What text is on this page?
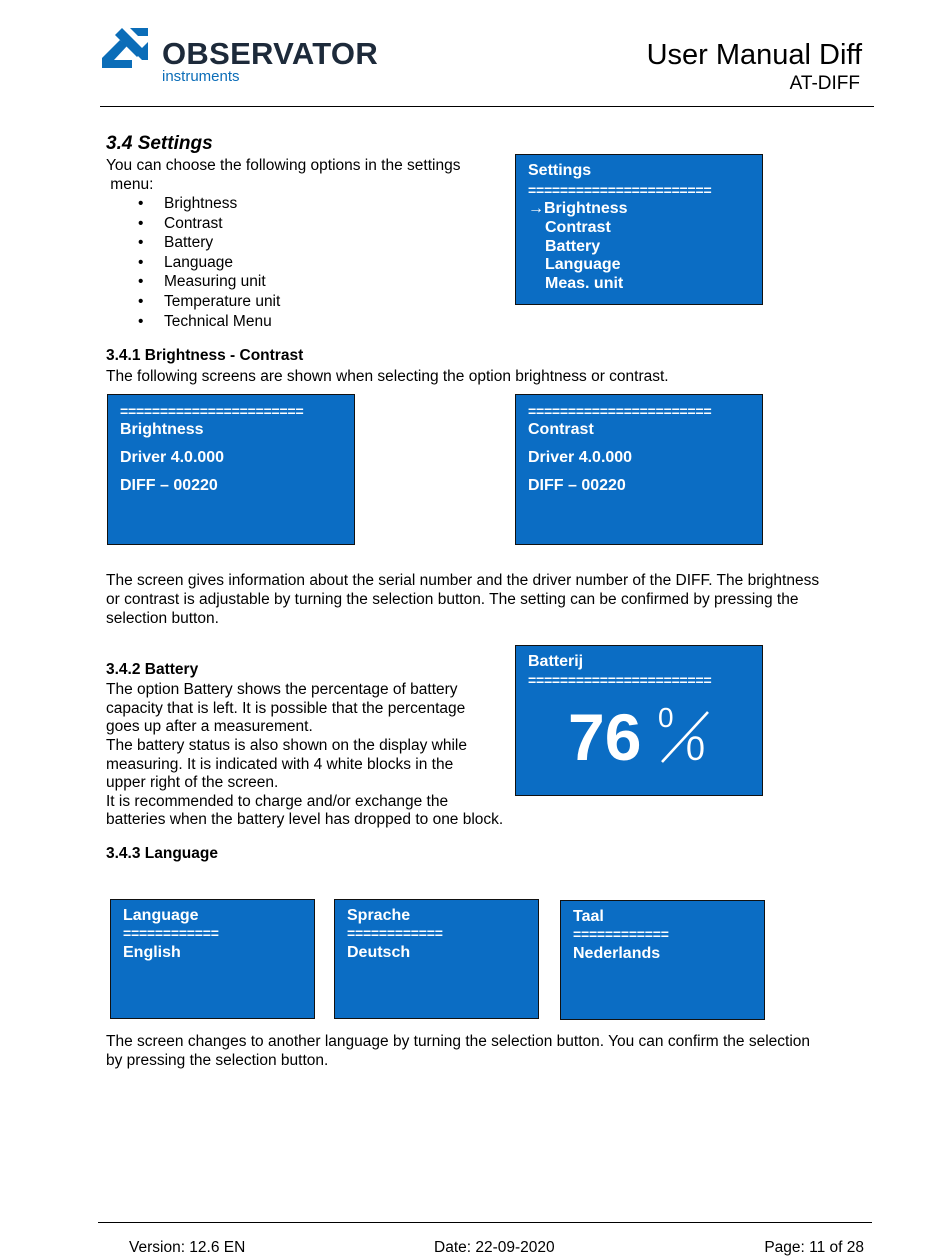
OBSERVATOR
instruments
User Manual Diff
AT-DIFF
3.4 Settings
You can choose the following options in the settings
menu:
• Brightness
• Contrast
• Battery
• Language
• Measuring unit
• Temperature unit
• Technical Menu
Settings
=======================
→Brightness
Contrast
Battery
Language
Meas. unit
3.4.1 Brightness - Contrast
The following screens are shown when selecting the option brightness or contrast.
=======================
Brightness
Driver 4.0.000
DIFF – 00220
=======================
Contrast
Driver 4.0.000
DIFF – 00220
The screen gives information about the serial number and the driver number of the DIFF. The brightness
or contrast is adjustable by turning the selection button. The setting can be confirmed by pressing the
selection button.
3.4.2 Battery
The option Battery shows the percentage of battery
capacity that is left. It is possible that the percentage
goes up after a measurement.
The battery status is also shown on the display while
measuring. It is indicated with 4 white blocks in the
upper right of the screen.
It is recommended to charge and/or exchange the
batteries when the battery level has dropped to one block.
Batterij
=======================
76 0
0
3.4.3 Language
Language
============
English
Sprache
============
Deutsch
Taal
============
Nederlands
The screen changes to another language by turning the selection button. You can confirm the selection
by pressing the selection button.
Version: 12.6 EN	Date: 22-09-2020	Page: 11 of 28
